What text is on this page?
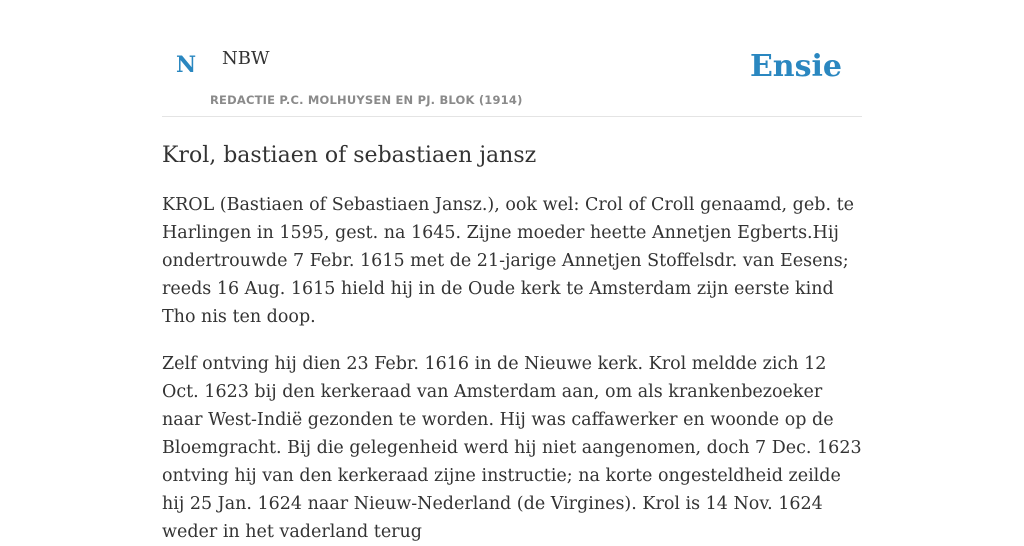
N NBW
REDACTIE P.C. MOLHUYSEN EN PJ. BLOK (1914)
Ensie
Krol, bastiaen of sebastiaen jansz

KROL (Bastiaen of Sebastiaen Jansz.), ook wel: Crol of Croll genaamd, geb. te Harlingen in 1595, gest. na 1645. Zijne moeder heette Annetjen Egberts.Hij ondertrouwde 7 Febr. 1615 met de 21-jarige Annetjen Stoffelsdr. van Eesens; reeds 16 Aug. 1615 hield hij in de Oude kerk te Amsterdam zijn eerste kind Tho nis ten doop.

Zelf ontving hij dien 23 Febr. 1616 in de Nieuwe kerk. Krol meldde zich 12 Oct. 1623 bij den kerkeraad van Amsterdam aan, om als krankenbezoeker naar West-Indië gezonden te worden. Hij was caffawerker en woonde op de Bloemgracht. Bij die gelegenheid werd hij niet aangenomen, doch 7 Dec. 1623 ontving hij van den kerkeraad zijne instructie; na korte ongesteldheid zeilde hij 25 Jan. 1624 naar Nieuw-Nederland (de Virgines). Krol is 14 Nov. 1624 weder in het vaderland terug
